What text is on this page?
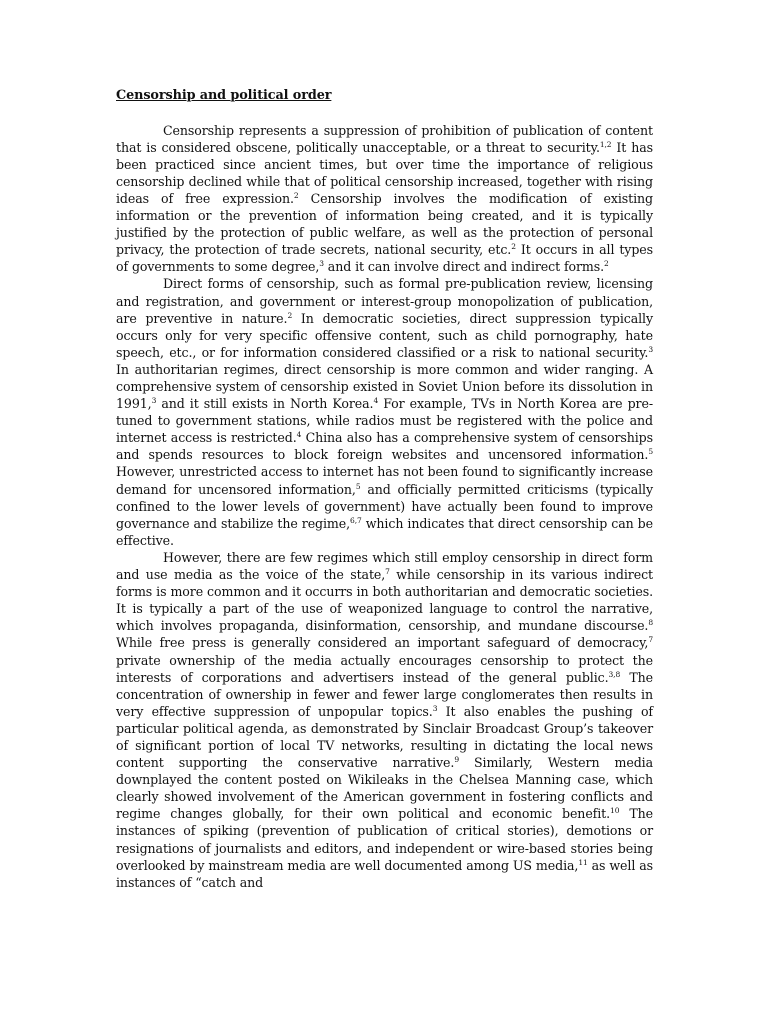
Censorship and political order

Censorship represents a suppression of prohibition of publication of content that is considered obscene, politically unacceptable, or a threat to security.$^{1,2}$ It has been practiced since ancient times, but over time the importance of religious censorship declined while that of political censorship increased, together with rising ideas of free expression.$^2$ Censorship involves the modification of existing information or the prevention of information being created, and it is typically justified by the protection of public welfare, as well as the protection of personal privacy, the protection of trade secrets, national security, etc.$^2$ It occurs in all types of governments to some degree,$^3$ and it can involve direct and indirect forms.$^2$

Direct forms of censorship, such as formal pre-publication review, licensing and registration, and government or interest-group monopolization of publication, are preventive in nature.$^2$ In democratic societies, direct suppression typically occurs only for very specific offensive content, such as child pornography, hate speech, etc., or for information considered classified or a risk to national security.$^3$ In authoritarian regimes, direct censorship is more common and wider ranging. A comprehensive system of censorship existed in Soviet Union before its dissolution in 1991,$^3$ and it still exists in North Korea.$^4$ For example, TVs in North Korea are pre-tuned to government stations, while radios must be registered with the police and internet access is restricted.$^4$ China also has a comprehensive system of censorships and spends resources to block foreign websites and uncensored information.$^5$ However, unrestricted access to internet has not been found to significantly increase demand for uncensored information,$^5$ and officially permitted criticisms (typically confined to the lower levels of government) have actually been found to improve governance and stabilize the regime,$^{6,7}$ which indicates that direct censorship can be effective.

However, there are few regimes which still employ censorship in direct form and use media as the voice of the state,$^7$ while censorship in its various indirect forms is more common and it occurrs in both authoritarian and democratic societies. It is typically a part of the use of weaponized language to control the narrative, which involves propaganda, disinformation, censorship, and mundane discourse.$^8$ While free press is generally considered an important safeguard of democracy,$^7$ private ownership of the media actually encourages censorship to protect the interests of corporations and advertisers instead of the general public.$^{3,8}$ The concentration of ownership in fewer and fewer large conglomerates then results in very effective suppression of unpopular topics.$^3$ It also enables the pushing of particular political agenda, as demonstrated by Sinclair Broadcast Group’s takeover of significant portion of local TV networks, resulting in dictating the local news content supporting the conservative narrative.$^9$ Similarly, Western media downplayed the content posted on Wikileaks in the Chelsea Manning case, which clearly showed involvement of the American government in fostering conflicts and regime changes globally, for their own political and economic benefit.$^{10}$ The instances of spiking (prevention of publication of critical stories), demotions or resignations of journalists and editors, and independent or wire-based stories being overlooked by mainstream media are well documented among US media,$^{11}$ as well as instances of “catch and
